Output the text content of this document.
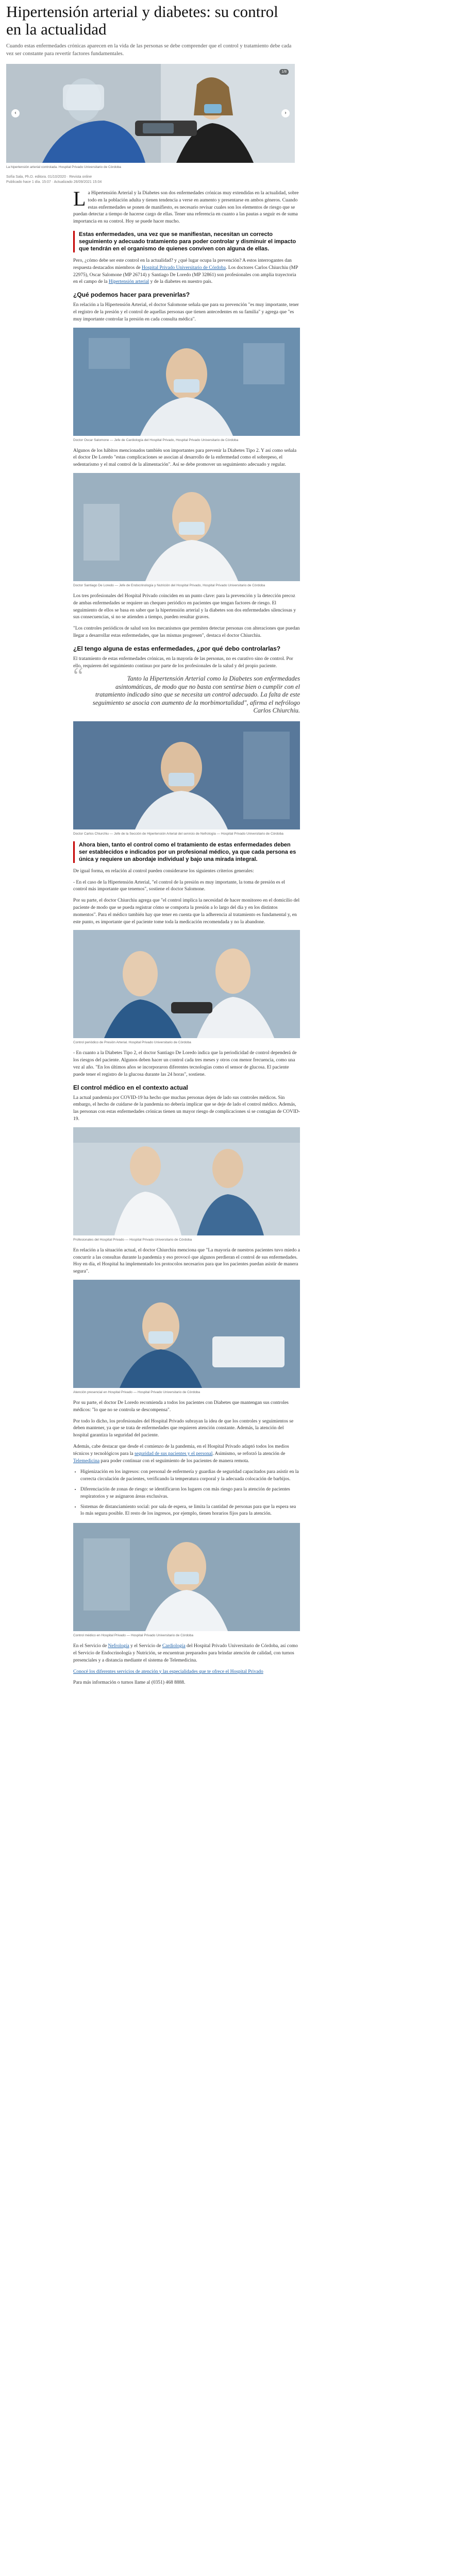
Hipertensión arterial y diabetes: su control en la actualidad

Cuando estas enfermedades crónicas aparecen en la vida de las personas se debe comprender que el control y tratamiento debe cada vez ser constante para revertir factores fundamentales.

1/8
‹	›

La hipertensión arterial controlada. Hospital Privado Universitario de Córdoba

Sofía Sala, Ph.D. editora. 01/10/2020 · Revista online
Publicado hace 1 día. 15:07 · Actualizado 26/09/2021 15:04

La Hipertensión Arterial y la Diabetes son dos enfermedades crónicas muy extendidas en la actualidad, sobre todo en la población adulta y tienen tendencia a verse en aumento y presentarse en ambos géneros. Cuando estas enfermedades se ponen de manifiesto, es necesario revisar cuales son los elementos de riesgo que se puedan detectar a tiempo de hacerse cargo de ellas. Tener una referencia en cuanto a las pautas a seguir es de suma importancia en su control. Hoy se puede hacer mucho.

Estas enfermedades, una vez que se manifiestan, necesitan un correcto seguimiento y adecuado tratamiento para poder controlar y disminuir el impacto que tendrán en el organismo de quienes conviven con alguna de ellas.

Pero, ¿cómo debe ser este control en la actualidad? y ¿qué lugar ocupa la prevención? A estos interrogantes dan respuesta destacados miembros de Hospital Privado Universitario de Córdoba. Los doctores Carlos Chiurchiu (MP 22975), Oscar Salomone (MP 26714) y Santiago De Loredo (MP 32861) son profesionales con amplia trayectoria en el campo de la Hipertensión arterial y de la diabetes en nuestro país.

¿Qué podemos hacer para prevenirlas?

En relación a la Hipertensión Arterial, el doctor Salomone señala que para su prevención "es muy importante, tener el registro de la presión y el control de aquellas personas que tienen antecedentes en su familia" y agrega que "es muy importante controlar la presión en cada consulta médica".

Doctor Oscar Salomone — Jefe de Cardiología del Hospital Privado, Hospital Privado Universitario de Córdoba

Algunos de los hábitos mencionados también son importantes para prevenir la Diabetes Tipo 2. Y así como señala el doctor De Loredo "estas complicaciones se asocian al desarrollo de la enfermedad como el sobrepeso, el sedentarismo y el mal control de la alimentación". Así se debe promover un seguimiento adecuado y regular.

Doctor Santiago De Loredo — Jefe de Endocrinología y Nutrición del Hospital Privado, Hospital Privado Universitario de Córdoba

Los tres profesionales del Hospital Privado coinciden en un punto clave: para la prevención y la detección precoz de ambas enfermedades se requiere un chequeo periódico en pacientes que tengan factores de riesgo. El seguimiento de ellos se basa en saber que la hipertensión arterial y la diabetes son dos enfermedades silenciosas y sus consecuencias, si no se atienden a tiempo, pueden resultar graves.

"Los controles periódicos de salud son los mecanismos que permiten detectar personas con alteraciones que puedan llegar a desarrollar estas enfermedades, que las mismas progresen", destaca el doctor Chiurchiu.

¿El tengo alguna de estas enfermedades, ¿por qué debo controlarlas?

El tratamiento de estas enfermedades crónicas, en la mayoría de las personas, no es curativo sino de control. Por ello, requieren del seguimiento continuo por parte de los profesionales de la salud y del propio paciente.

“ Tanto la Hipertensión Arterial como la Diabetes son enfermedades asintomáticas, de modo que no basta con sentirse bien o cumplir con el tratamiento indicado sino que se necesita un control adecuado. La falta de este seguimiento se asocia con aumento de la morbimortalidad", afirma el nefrólogo Carlos Chiurchiu.

Doctor Carlos Chiurchiu — Jefe de la Sección de Hipertensión Arterial del servicio de Nefrología — Hospital Privado Universitario de Córdoba

Ahora bien, tanto el control como el tratamiento de estas enfermedades deben ser establecidos e indicados por un profesional médico, ya que cada persona es única y requiere un abordaje individual y bajo una mirada integral.

De igual forma, en relación al control pueden considerarse los siguientes criterios generales:

- En el caso de la Hipertensión Arterial, "el control de la presión es muy importante, la toma de presión es el control más importante que tenemos", sostiene el doctor Salomone.

Por su parte, el doctor Chiurchiu agrega que "el control implica la necesidad de hacer monitoreo en el domicilio del paciente de modo que se pueda registrar cómo se comporta la presión a lo largo del día y en los distintos momentos". Para el médico también hay que tener en cuenta que la adherencia al tratamiento es fundamental y, en este punto, es importante que el paciente tome toda la medicación recomendada y no la abandone.

Control periódico de Presión Arterial. Hospital Privado Universitario de Córdoba

- En cuanto a la Diabetes Tipo 2, el doctor Santiago De Loredo indica que la periodicidad de control dependerá de los riesgos del paciente. Algunos deben hacer un control cada tres meses y otros con menor frecuencia, como una vez al año. "En los últimos años se incorporaron diferentes tecnologías como el sensor de glucosa. El paciente puede tener el registro de la glucosa durante las 24 horas", sostiene.

El control médico en el contexto actual

La actual pandemia por COVID-19 ha hecho que muchas personas dejen de lado sus controles médicos. Sin embargo, el hecho de cuidarse de la pandemia no debería implicar que se deje de lado el control médico. Además, las personas con estas enfermedades crónicas tienen un mayor riesgo de complicaciones si se contagian de COVID-19.

Profesionales del Hospital Privado — Hospital Privado Universitario de Córdoba

En relación a la situación actual, el doctor Chiurchiu menciona que "La mayoría de nuestros pacientes tuvo miedo a concurrir a las consultas durante la pandemia y eso provocó que algunos perdieran el control de sus enfermedades. Hoy en día, el Hospital ha implementado los protocolos necesarios para que los pacientes puedan asistir de manera segura".

Atención presencial en Hospital Privado — Hospital Privado Universitario de Córdoba

Por su parte, el doctor De Loredo recomienda a todos los pacientes con Diabetes que mantengan sus controles médicos: "lo que no se controla se descompensa".

Por todo lo dicho, los profesionales del Hospital Privado subrayan la idea de que los controles y seguimientos se deben mantener, ya que se trata de enfermedades que requieren atención constante. Además, la atención del hospital garantiza la seguridad del paciente.

Además, cabe destacar que desde el comienzo de la pandemia, en el Hospital Privado adaptó todos los medios técnicos y tecnológicos para la seguridad de sus pacientes y el personal. Asimismo, se reforzó la atención de Telemedicina para poder continuar con el seguimiento de los pacientes de manera remota.

• Higienización en los ingresos: con personal de enfermería y guardias de seguridad capacitados para asistir en la correcta circulación de pacientes, verificando la temperatura corporal y la adecuada colocación de barbijos.
• Diferenciación de zonas de riesgo: se identificaron los lugares con más riesgo para la atención de pacientes respiratorios y se asignaron áreas exclusivas.
• Sistemas de distanciamiento social: por sala de espera, se limita la cantidad de personas para que la espera sea lo más segura posible. El resto de los ingresos, por ejemplo, tienen horarios fijos para la atención.

Control médico en Hospital Privado — Hospital Privado Universitario de Córdoba

En el Servicio de Nefrología y el Servicio de Cardiología del Hospital Privado Universitario de Córdoba, así como el Servicio de Endocrinología y Nutrición, se encuentran preparados para brindar atención de calidad, con turnos presenciales y a distancia mediante el sistema de Telemedicina.

Conocé los diferentes servicios de atención y las especialidades que te ofrece el Hospital Privado

Para más información o turnos llame al (0351) 468 8888.
